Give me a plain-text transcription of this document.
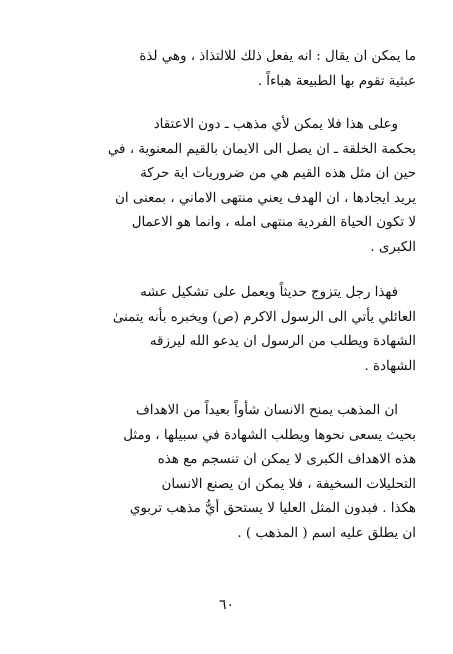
ما يمكن ان يقال : انه يفعل ذلك للالتذاذ ، وهي لذة
عبثية تقوم بها الطبيعة هباءاً .
وعلى هذا فلا يمكن لأي مذهب ـ دون الاعتقاد
بحكمة الخلقة ـ ان يصل الى الايمان بالقيم المعنوية ، في
حين ان مثل هذه القيم هي من ضروريات اية حركة
يريد ايجادها ، ان الهدف يعني منتهى الاماني ، بمعنى ان
لا تكون الحياة الفردية منتهى امله ، وانما هو الاعمال
الكبرى .
فهذا رجل يتزوج حديثاً ويعمل على تشكيل عشه
العائلي يأتي الى الرسول الاكرم (ص) ويخبره بأنه يتمنىٰ
الشهادة ويطلب من الرسول ان يدعو الله ليرزقه
الشهادة .
ان المذهب يمنح الانسان شأواً بعيداً من الاهداف
بحيث يسعى نحوها ويطلب الشهادة في سبيلها ، ومثل
هذه الاهداف الكبرى لا يمكن ان تنسجم مع هذه
التحليلات السخيفة ، فلا يمكن ان يصنع الانسان
هكذا . فبدون المثل العليا لا يستحق أيُّ مذهب تربوي
ان يطلق عليه اسم ( المذهب ) .
٦٠
